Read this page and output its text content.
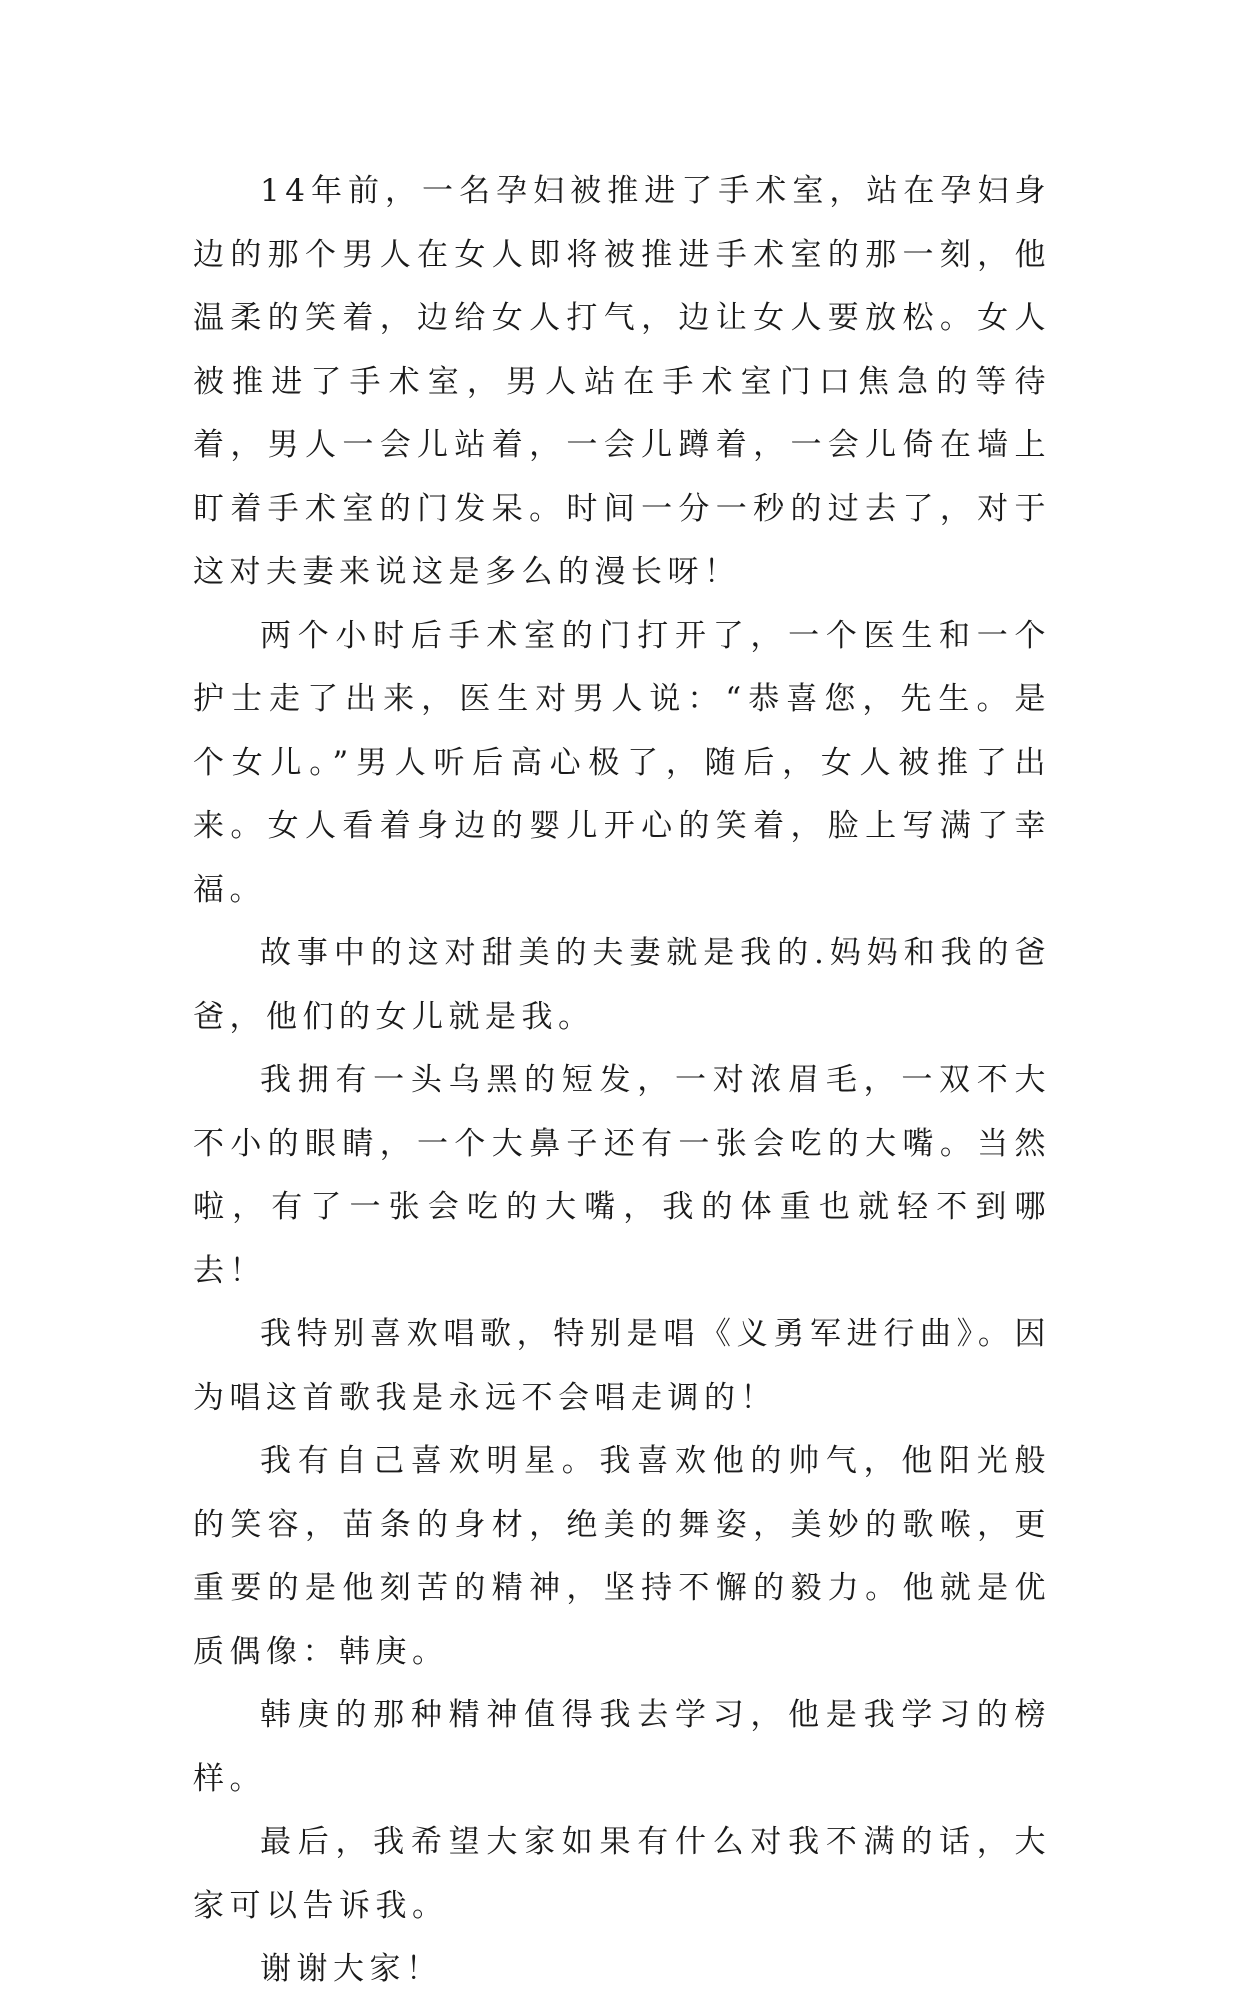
14年前，一名孕妇被推进了手术室，站在孕妇身边的那个男人在女人即将被推进手术室的那一刻，他温柔的笑着，边给女人打气，边让女人要放松。女人被推进了手术室，男人站在手术室门口焦急的等待着，男人一会儿站着，一会儿蹲着，一会儿倚在墙上盯着手术室的门发呆。时间一分一秒的过去了，对于这对夫妻来说这是多么的漫长呀！

两个小时后手术室的门打开了，一个医生和一个护士走了出来，医生对男人说：“恭喜您，先生。是个女儿。”男人听后高心极了，随后，女人被推了出来。女人看着身边的婴儿开心的笑着，脸上写满了幸福。

故事中的这对甜美的夫妻就是我的.妈妈和我的爸爸，他们的女儿就是我。

我拥有一头乌黑的短发，一对浓眉毛，一双不大不小的眼睛，一个大鼻子还有一张会吃的大嘴。当然啦，有了一张会吃的大嘴，我的体重也就轻不到哪去！

我特别喜欢唱歌，特别是唱《义勇军进行曲》。因为唱这首歌我是永远不会唱走调的！

我有自己喜欢明星。我喜欢他的帅气，他阳光般的笑容，苗条的身材，绝美的舞姿，美妙的歌喉，更重要的是他刻苦的精神，坚持不懈的毅力。他就是优质偶像：韩庚。

韩庚的那种精神值得我去学习，他是我学习的榜样。

最后，我希望大家如果有什么对我不满的话，大家可以告诉我。

谢谢大家！
